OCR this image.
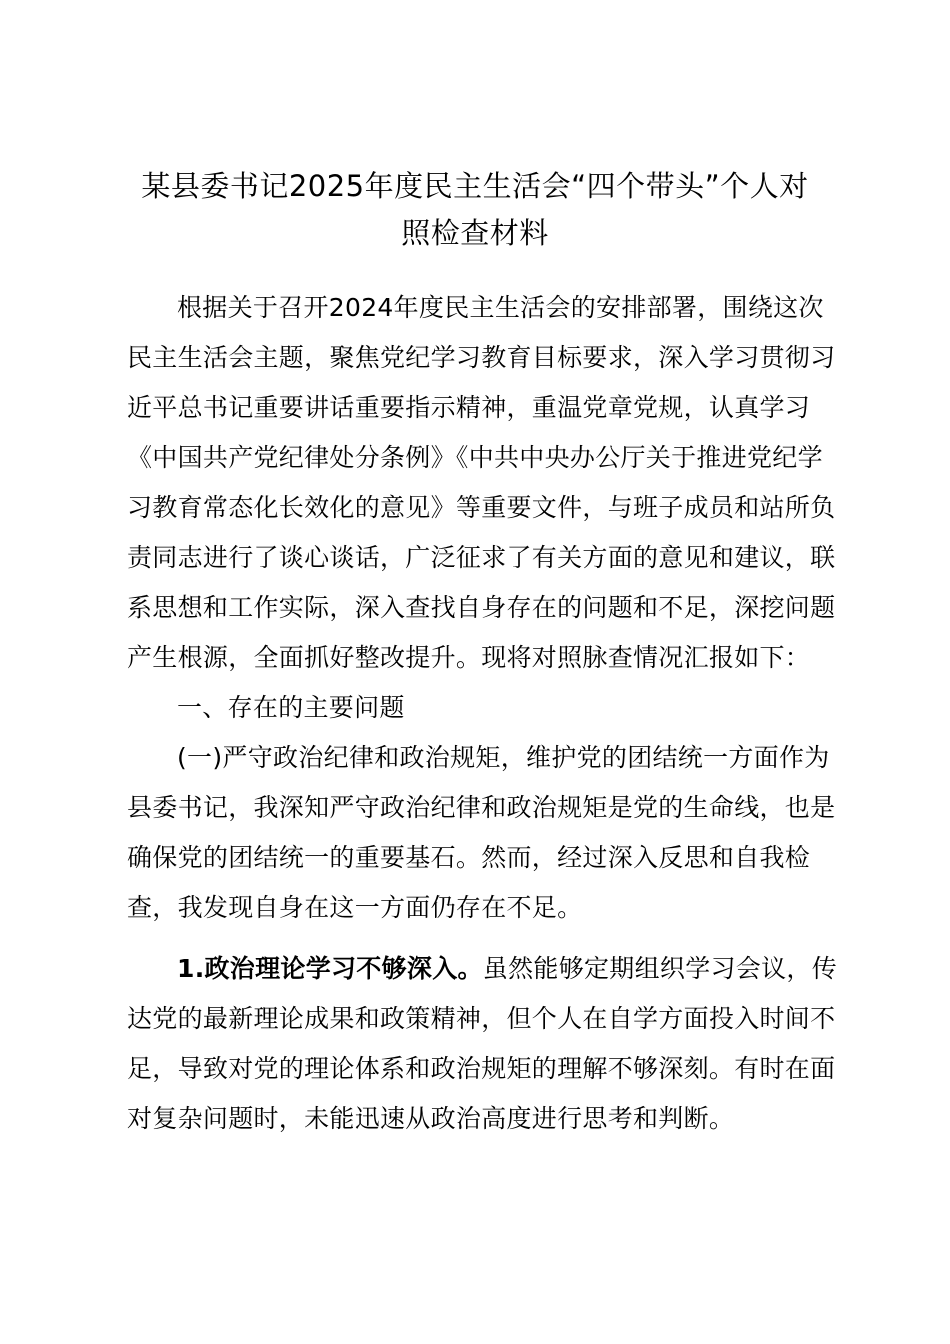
某县委书记2025年度民主生活会“四个带头”个人对
照检查材料

根据关于召开2024年度民主生活会的安排部署，围绕这次民主生活会主题，聚焦党纪学习教育目标要求，深入学习贯彻习近平总书记重要讲话重要指示精神，重温党章党规，认真学习《中国共产党纪律处分条例》《中共中央办公厅关于推进党纪学习教育常态化长效化的意见》等重要文件，与班子成员和站所负责同志进行了谈心谈话，广泛征求了有关方面的意见和建议，联系思想和工作实际，深入查找自身存在的问题和不足，深挖问题产生根源，全面抓好整改提升。现将对照脉查情况汇报如下：

一、存在的主要问题

(一)严守政治纪律和政治规矩，维护党的团结统一方面作为县委书记，我深知严守政治纪律和政治规矩是党的生命线，也是确保党的团结统一的重要基石。然而，经过深入反思和自我检查，我发现自身在这一方面仍存在不足。

1.政治理论学习不够深入。虽然能够定期组织学习会议，传达党的最新理论成果和政策精神，但个人在自学方面投入时间不足，导致对党的理论体系和政治规矩的理解不够深刻。有时在面对复杂问题时，未能迅速从政治高度进行思考和判断。
